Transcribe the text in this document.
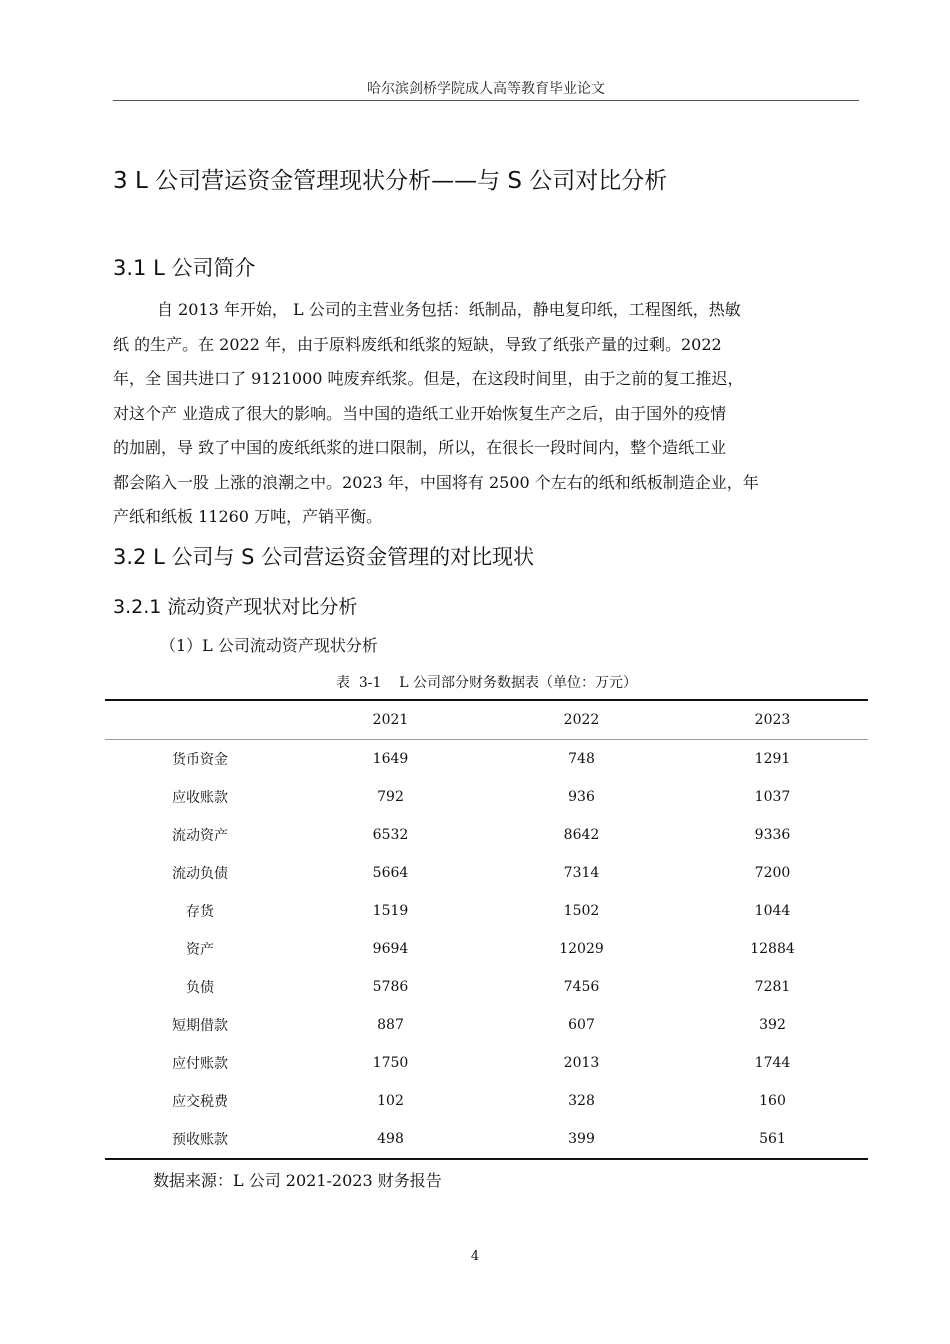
哈尔滨剑桥学院成人高等教育毕业论文
3 L 公司营运资金管理现状分析——与 S 公司对比分析
3.1 L 公司简介
自 2013 年开始， L 公司的主营业务包括：纸制品，静电复印纸，工程图纸，热敏
纸 的生产。在 2022 年，由于原料废纸和纸浆的短缺，导致了纸张产量的过剩。2022
年，全 国共进口了 9121000 吨废弃纸浆。但是，在这段时间里，由于之前的复工推迟，
对这个产 业造成了很大的影响。当中国的造纸工业开始恢复生产之后，由于国外的疫情
的加剧，导 致了中国的废纸纸浆的进口限制，所以，在很长一段时间内，整个造纸工业
都会陷入一股 上涨的浪潮之中。2023 年，中国将有 2500 个左右的纸和纸板制造企业，年
产纸和纸板 11260 万吨，产销平衡。
3.2 L 公司与 S 公司营运资金管理的对比现状
3.2.1 流动资产现状对比分析
（1）L 公司流动资产现状分析
表  3-1    L 公司部分财务数据表（单位：万元）
	2021	2022	2023
货币资金	1649	748	1291
应收账款	792	936	1037
流动资产	6532	8642	9336
流动负债	5664	7314	7200
存货	1519	1502	1044
资产	9694	12029	12884
负债	5786	7456	7281
短期借款	887	607	392
应付账款	1750	2013	1744
应交税费	102	328	160
预收账款	498	399	561
数据来源：L 公司 2021-2023 财务报告
4
